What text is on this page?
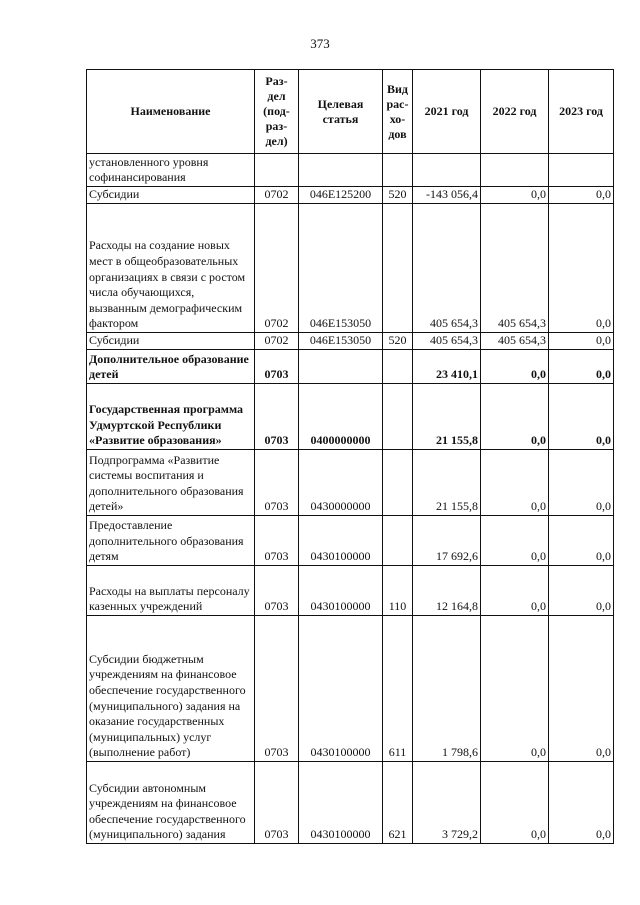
373
Наименование	Раз-
дел
(под-
раз-
дел)	Целевая
статья	Вид
рас-
хо-
дов	2021 год	2022 год	2023 год
установленного уровня софинансирования						
Субсидии	0702	046E125200	520	-143 056,4	0,0	0,0
Расходы на создание новых мест в общеобразовательных организациях в связи с ростом числа обучающихся, вызванным демографическим фактором	0702	046E153050		405 654,3	405 654,3	0,0
Субсидии	0702	046E153050	520	405 654,3	405 654,3	0,0
Дополнительное образование детей	0703			23 410,1	0,0	0,0
Государственная программа Удмуртской Республики «Развитие образования»	0703	0400000000		21 155,8	0,0	0,0
Подпрограмма «Развитие системы воспитания и дополнительного образования детей»	0703	0430000000		21 155,8	0,0	0,0
Предоставление дополнительного образования детям	0703	0430100000		17 692,6	0,0	0,0
Расходы на выплаты персоналу казенных учреждений	0703	0430100000	110	12 164,8	0,0	0,0
Субсидии бюджетным учреждениям на финансовое обеспечение государственного (муниципального) задания на оказание государственных (муниципальных) услуг (выполнение работ)	0703	0430100000	611	1 798,6	0,0	0,0
Субсидии автономным учреждениям на финансовое обеспечение государственного (муниципального) задания	0703	0430100000	621	3 729,2	0,0	0,0
